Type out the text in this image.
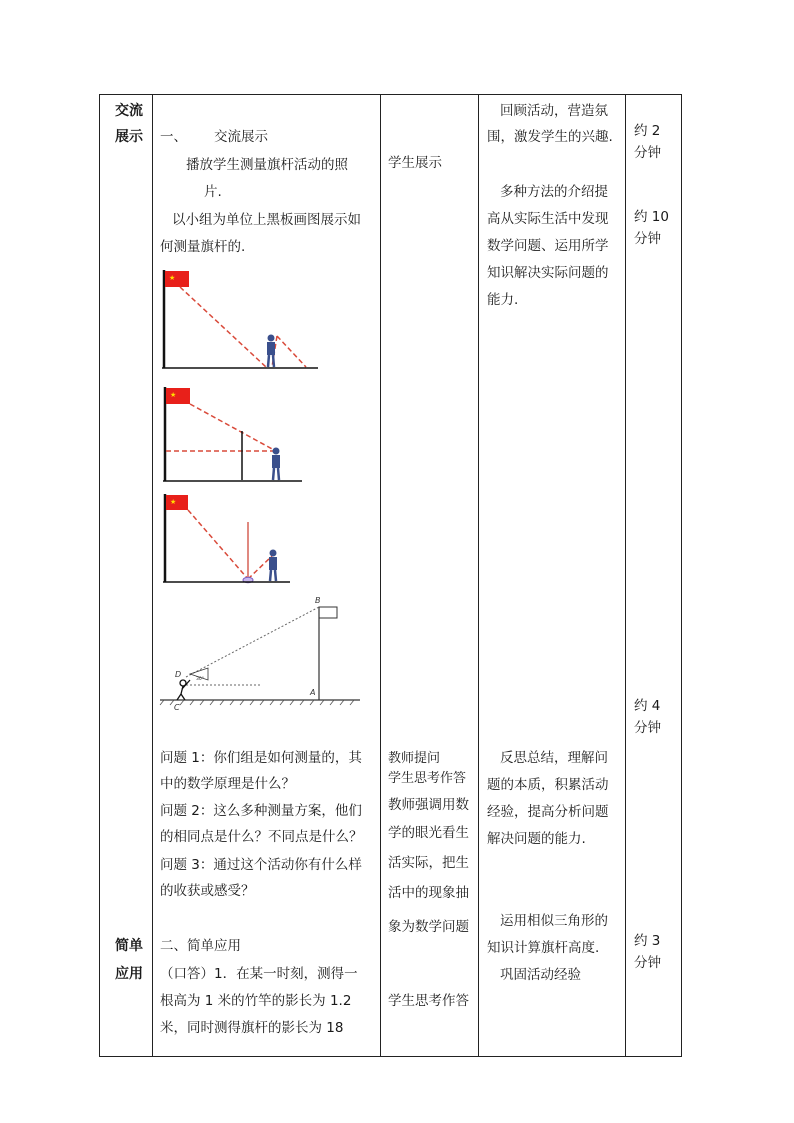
交流
展示
简单
应用
一、 交流展示
播放学生测量旗杆活动的照
片.
以小组为单位上黑板画图展示如
何测量旗杆的.
★
★
★
B
D
A
C
30°
问题 1：你们组是如何测量的，其
中的数学原理是什么？
问题 2：这么多种测量方案，他们
的相同点是什么？不同点是什么？
问题 3：通过这个活动你有什么样
的收获或感受？
二、简单应用
（口答）1．在某一时刻，测得一
根高为 1 米的竹竿的影长为 1.2
米，同时测得旗杆的影长为 18
学生展示
教师提问
学生思考作答
教师强调用数
学的眼光看生
活实际，把生
活中的现象抽
象为数学问题
学生思考作答
回顾活动，营造氛
围，激发学生的兴趣.
多种方法的介绍提
高从实际生活中发现
数学问题、运用所学
知识解决实际问题的
能力.
反思总结，理解问
题的本质，积累活动
经验，提高分析问题
解决问题的能力.
运用相似三角形的
知识计算旗杆高度.
巩固活动经验
约 2
分钟
约 10
分钟
约 4
分钟
约 3
分钟
